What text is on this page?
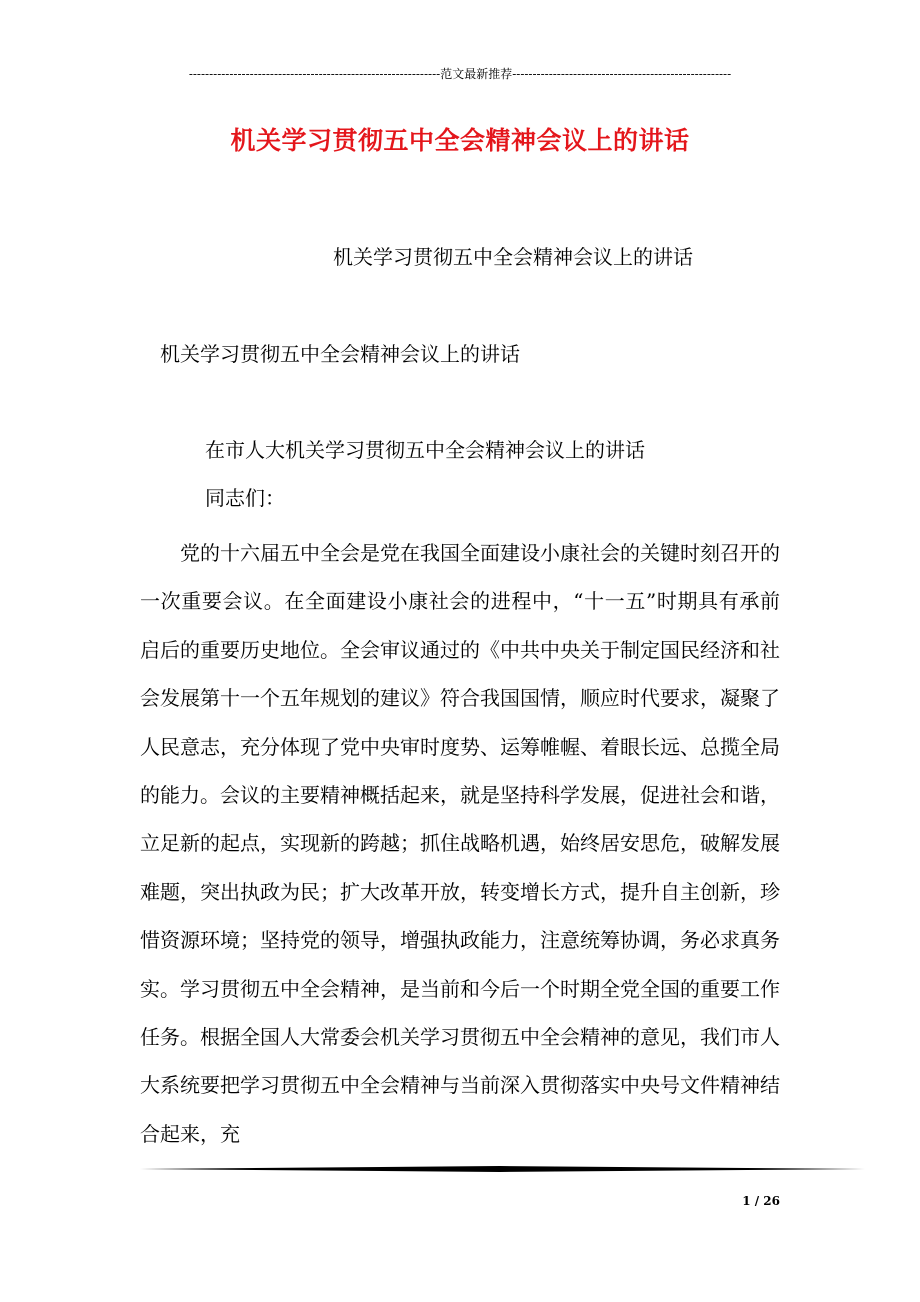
--------------------------------------------------------------范文最新推荐------------------------------------------------------
机关学习贯彻五中全会精神会议上的讲话
机关学习贯彻五中全会精神会议上的讲话
机关学习贯彻五中全会精神会议上的讲话
在市人大机关学习贯彻五中全会精神会议上的讲话
同志们：

党的十六届五中全会是党在我国全面建设小康社会的关键时刻召开的一次重要会议。在全面建设小康社会的进程中，“十一五”时期具有承前启后的重要历史地位。全会审议通过的《中共中央关于制定国民经济和社会发展第十一个五年规划的建议》符合我国国情，顺应时代要求，凝聚了人民意志，充分体现了党中央审时度势、运筹帷幄、着眼长远、总揽全局的能力。会议的主要精神概括起来，就是坚持科学发展，促进社会和谐，立足新的起点，实现新的跨越；抓住战略机遇，始终居安思危，破解发展难题，突出执政为民；扩大改革开放，转变增长方式，提升自主创新，珍惜资源环境；坚持党的领导，增强执政能力，注意统筹协调，务必求真务实。学习贯彻五中全会精神，是当前和今后一个时期全党全国的重要工作任务。根据全国人大常委会机关学习贯彻五中全会精神的意见，我们市人大系统要把学习贯彻五中全会精神与当前深入贯彻落实中央号文件精神结合起来，充

1 / 26
